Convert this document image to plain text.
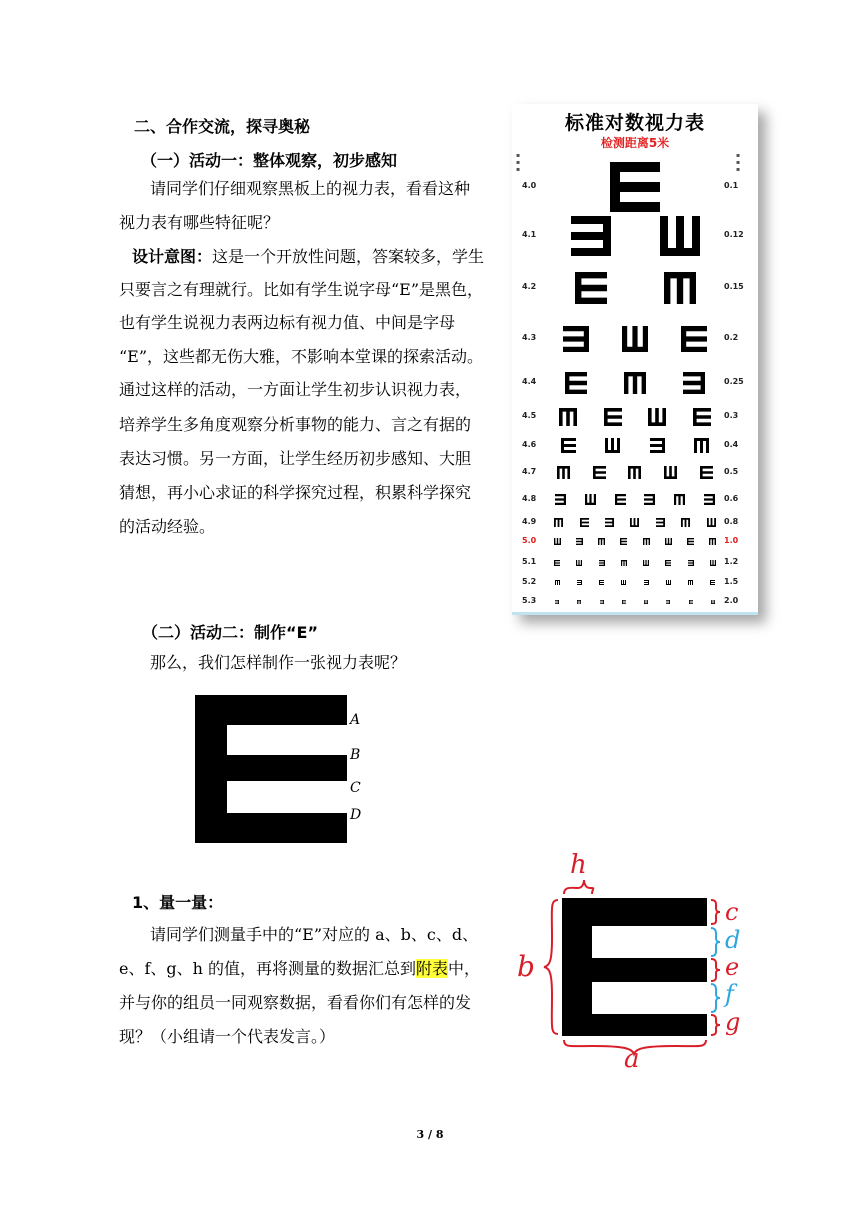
二、合作交流，探寻奥秘
（一）活动一：整体观察，初步感知
请同学们仔细观察黑板上的视力表，看看这种
视力表有哪些特征呢？
设计意图：这是一个开放性问题，答案较多，学生
只要言之有理就行。比如有学生说字母“E”是黑色，
也有学生说视力表两边标有视力值、中间是字母
“E”，这些都无伤大雅，不影响本堂课的探索活动。
通过这样的活动，一方面让学生初步认识视力表，
培养学生多角度观察分析事物的能力、言之有据的
表达习惯。另一方面，让学生经历初步感知、大胆
猜想，再小心求证的科学探究过程，积累科学探究
的活动经验。
标准对数视力表
检测距离5米
▪
▪
▪
▪
▪
▪
4.0	0.1
4.1	0.12
4.2	0.15
4.3	0.2
4.4	0.25
4.5	0.3
4.6	0.4
4.7	0.5
4.8	0.6
4.9	0.8
5.0	1.0
5.1	1.2
5.2	1.5
5.3	2.0
（二）活动二：制作“E”
那么，我们怎样制作一张视力表呢？
A
B
C
D
1、量一量：
请同学们测量手中的“E”对应的 a、b、c、d、
e、f、g、h 的值，再将测量的数据汇总到附表中，
并与你的组员一同观察数据，看看你们有怎样的发
现？（小组请一个代表发言。）
h
c
d
e
f
g
b
a
3 / 8
